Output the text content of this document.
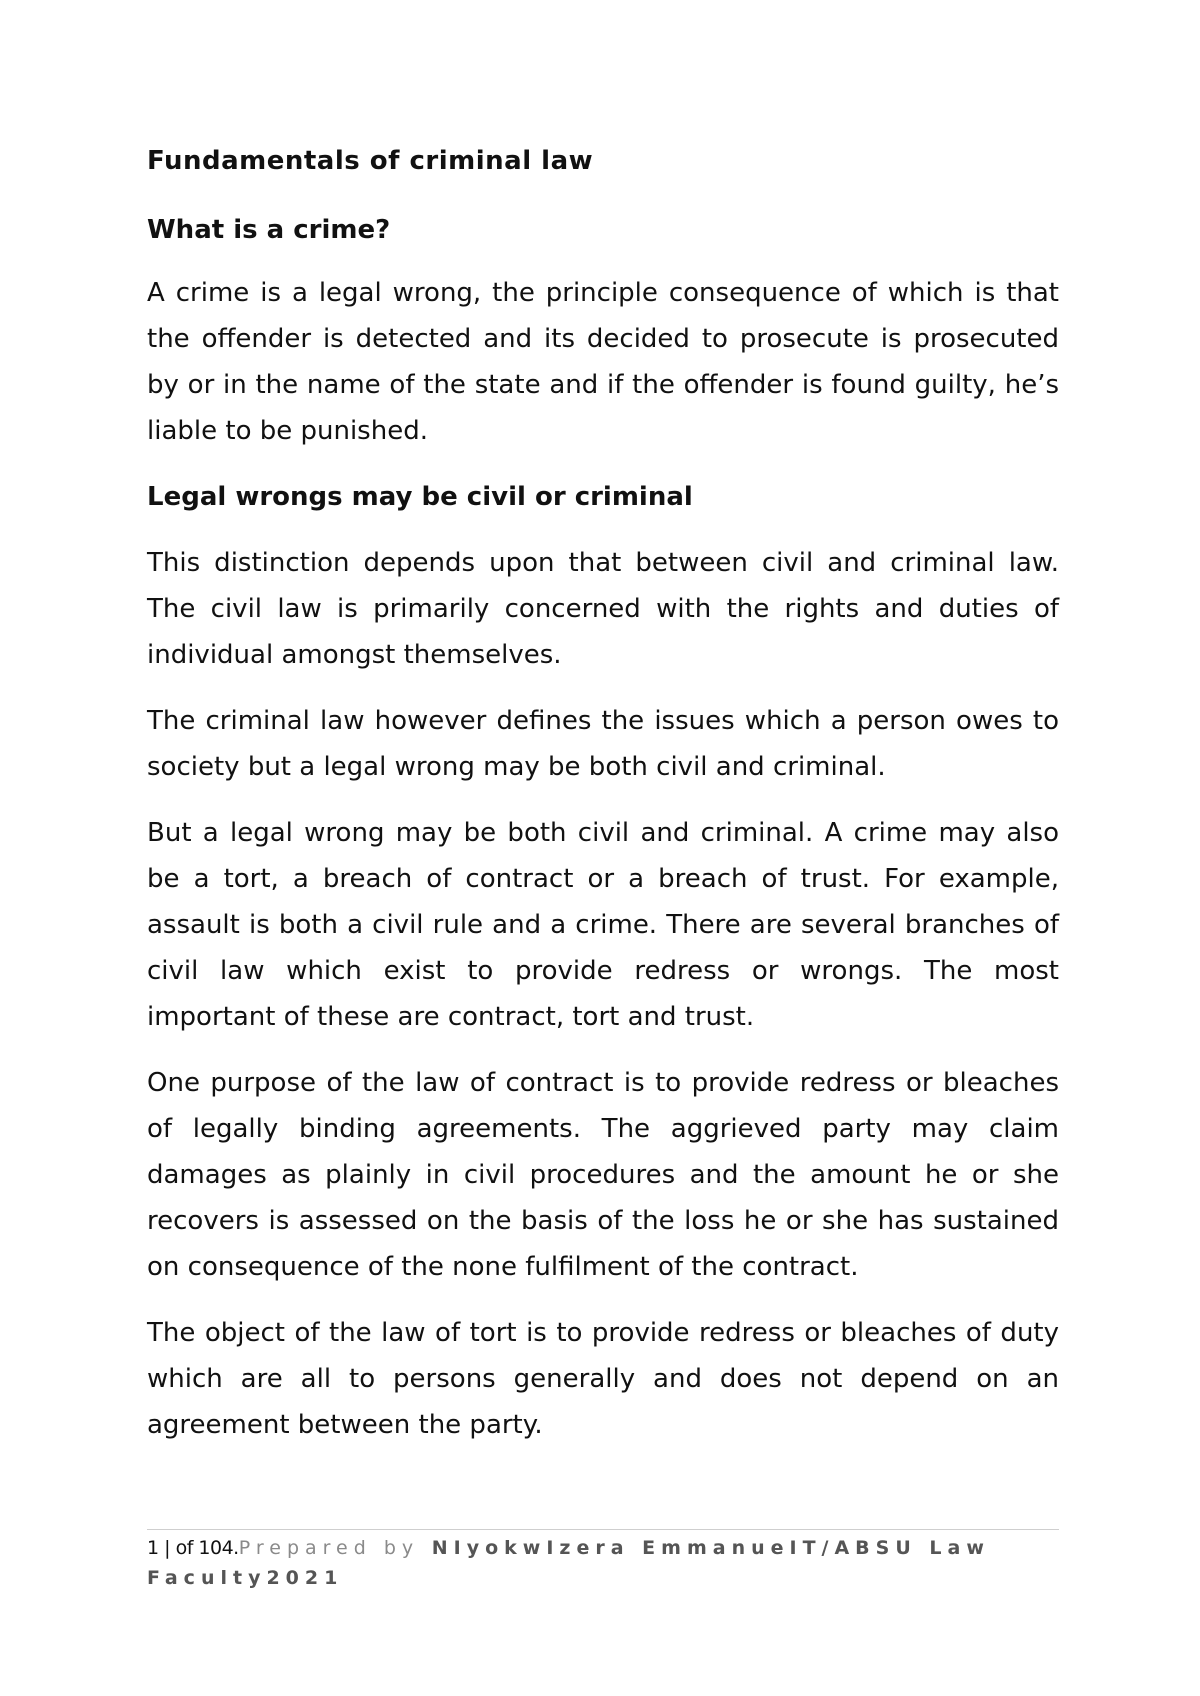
Fundamentals of criminal law
What is a crime?

A crime is a legal wrong, the principle consequence of which is that the offender is detected and its decided to prosecute is prosecuted by or in the name of the state and if the offender is found guilty, he’s liable to be punished.

Legal wrongs may be civil or criminal

This distinction depends upon that between civil and criminal law. The civil law is primarily concerned with the rights and duties of individual amongst themselves.

The criminal law however defines the issues which a person owes to society but a legal wrong may be both civil and criminal.

But a legal wrong may be both civil and criminal. A crime may also be a tort, a breach of contract or a breach of trust. For example, assault is both a civil rule and a crime. There are several branches of civil law which exist to provide redress or wrongs. The most important of these are contract, tort and trust.

One purpose of the law of contract is to provide redress or bleaches of legally binding agreements. The aggrieved party may claim damages as plainly in civil procedures and the amount he or she recovers is assessed on the basis of the loss he or she has sustained on consequence of the none fulfilment of the contract.

The object of the law of tort is to provide redress or bleaches of duty which are all to persons generally and does not depend on an agreement between the party.

1 | of 104.Prepared by NIyokwIzera EmmanueIT/ABSU Law Faculty2021
